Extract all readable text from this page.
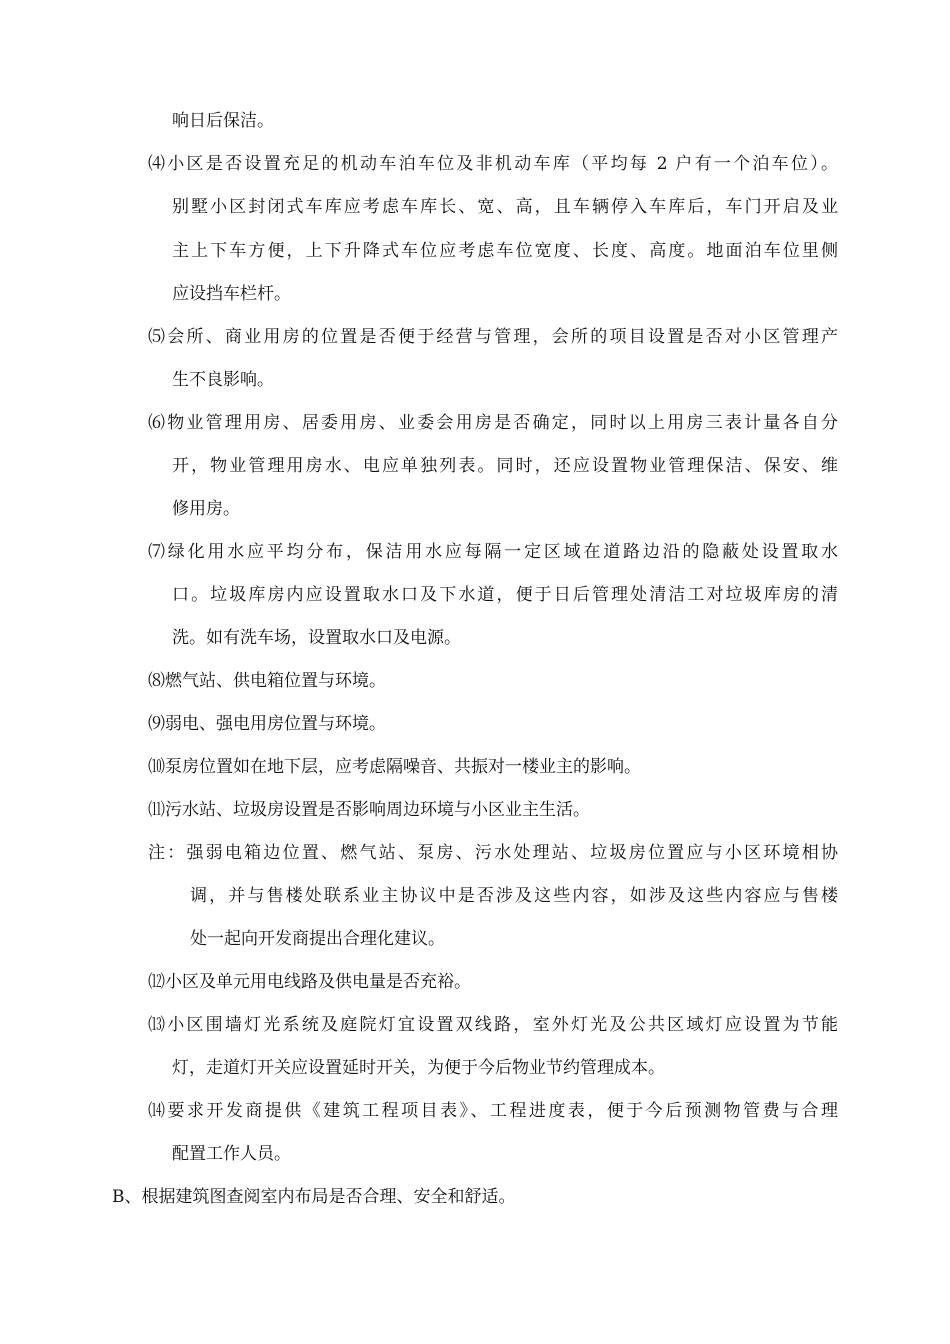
响日后保洁。
⑷小区是否设置充足的机动车泊车位及非机动车库（平均每 2 户有一个泊车位）。
别墅小区封闭式车库应考虑车库长、宽、高，且车辆停入车库后，车门开启及业
主上下车方便，上下升降式车位应考虑车位宽度、长度、高度。地面泊车位里侧
应设挡车栏杆。
⑸会所、商业用房的位置是否便于经营与管理，会所的项目设置是否对小区管理产
生不良影响。
⑹物业管理用房、居委用房、业委会用房是否确定，同时以上用房三表计量各自分
开，物业管理用房水、电应单独列表。同时，还应设置物业管理保洁、保安、维
修用房。
⑺绿化用水应平均分布，保洁用水应每隔一定区域在道路边沿的隐蔽处设置取水
口。垃圾库房内应设置取水口及下水道，便于日后管理处清洁工对垃圾库房的清
洗。如有洗车场，设置取水口及电源。
⑻燃气站、供电箱位置与环境。
⑼弱电、强电用房位置与环境。
⑽泵房位置如在地下层，应考虑隔噪音、共振对一楼业主的影响。
⑾污水站、垃圾房设置是否影响周边环境与小区业主生活。
注：强弱电箱边位置、燃气站、泵房、污水处理站、垃圾房位置应与小区环境相协
调，并与售楼处联系业主协议中是否涉及这些内容，如涉及这些内容应与售楼
处一起向开发商提出合理化建议。
⑿小区及单元用电线路及供电量是否充裕。
⒀小区围墙灯光系统及庭院灯宜设置双线路，室外灯光及公共区域灯应设置为节能
灯，走道灯开关应设置延时开关，为便于今后物业节约管理成本。
⒁要求开发商提供《建筑工程项目表》、工程进度表，便于今后预测物管费与合理
配置工作人员。
B、根据建筑图查阅室内布局是否合理、安全和舒适。
